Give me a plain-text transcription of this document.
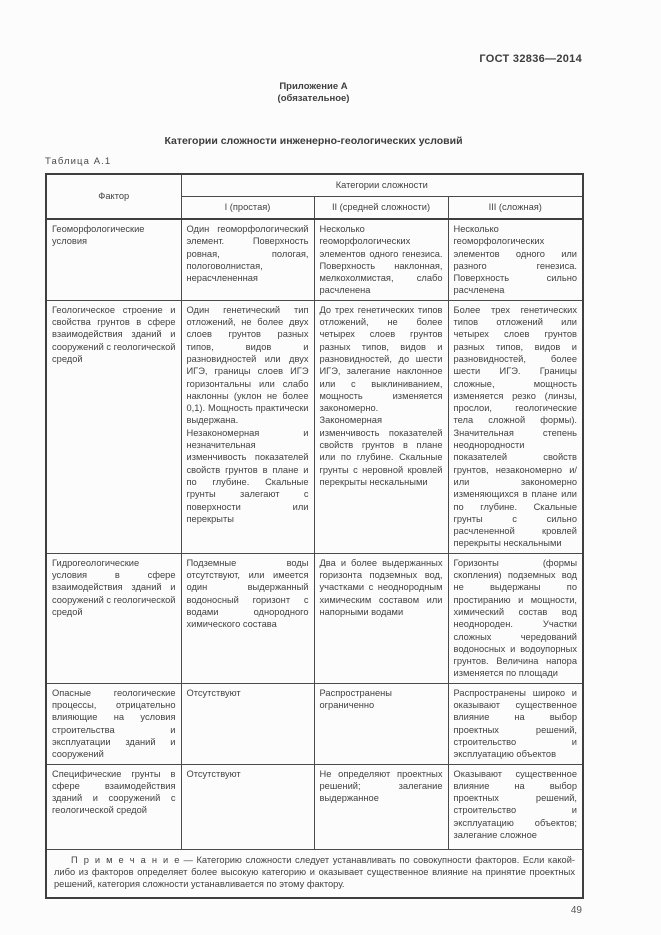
ГОСТ 32836—2014
Приложение А
(обязательное)
Категории сложности инженерно-геологических условий
Таблица А.1
Фактор	Категории сложности		
	I (простая)	II (средней сложности)	III (сложная)
Геоморфологические условия	Один геоморфологический элемент. Поверхность ровная, пологая, пологоволнистая, нерасчлененная	Несколько геоморфологических элементов одного генезиса. Поверхность наклонная, мелкохолмистая, слабо расчленена	Несколько геоморфологических элементов одного или разного генезиса. Поверхность сильно расчленена
Геологическое строение и свойства грунтов в сфере взаимодействия зданий и сооружений с геологической средой	Один генетический тип отложений, не более двух слоев грунтов разных типов, видов и разновидностей или двух ИГЭ, границы слоев ИГЭ горизонтальны или слабо наклонны (уклон не более 0,1). Мощность практически выдержана. Незакономерная и незначительная изменчивость показателей свойств грунтов в плане и по глубине. Скальные грунты залегают с поверхности или перекрыты	До трех генетических типов отложений, не более четырех слоев грунтов разных типов, видов и разновидностей, до шести ИГЭ, залегание наклонное или с выклиниванием, мощность изменяется закономерно. Закономерная изменчивость показателей свойств грунтов в плане или по глубине. Скальные грунты с неровной кровлей перекрыты нескальными	Более трех генетических типов отложений или четырех слоев грунтов разных типов, видов и разновидностей, более шести ИГЭ. Границы сложные, мощность изменяется резко (линзы, прослои, геологические тела сложной формы). Значительная степень неоднородности показателей свойств грунтов, незакономерно и/или закономерно изменяющихся в плане или по глубине. Скальные грунты с сильно расчлененной кровлей перекрыты нескальными
Гидрогеологические условия в сфере взаимодействия зданий и сооружений с геологической средой	Подземные воды отсутствуют, или имеется один выдержанный водоносный горизонт с водами однородного химического состава	Два и более выдержанных горизонта подземных вод, участками с неоднородным химическим составом или напорными водами	Горизонты (формы скопления) подземных вод не выдержаны по простиранию и мощности, химический состав вод неоднороден. Участки сложных чередований водоносных и водоупорных грунтов. Величина напора изменяется по площади
Опасные геологические процессы, отрицательно влияющие на условия строительства и эксплуатации зданий и сооружений	Отсутствуют	Распространены ограниченно	Распространены широко и оказывают существенное влияние на выбор проектных решений, строительство и эксплуатацию объектов
Специфические грунты в сфере взаимодействия зданий и сооружений с геологической средой	Отсутствуют	Не определяют проектных решений; залегание выдержанное	Оказывают существенное влияние на выбор проектных решений, строительство и эксплуатацию объектов; залегание сложное

П р и м е ч а н и е — Категорию сложности следует устанавливать по совокупности факторов. Если какой-либо из факторов определяет более высокую категорию и оказывает существенное влияние на принятие проектных решений, категория сложности устанавливается по этому фактору.			
49
